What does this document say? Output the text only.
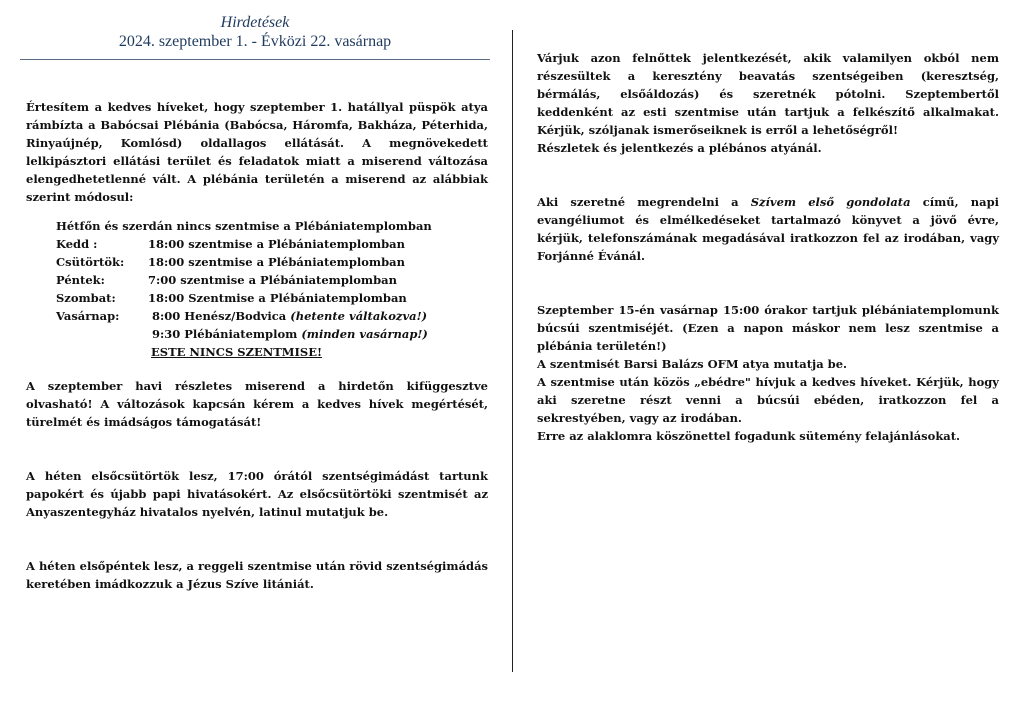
Hirdetések
2024. szeptember 1. - Évközi 22. vasárnap

Értesítem a kedves híveket, hogy szeptember 1. hatállyal püspök atya rámbízta a Babócsai Plébánia (Babócsa, Háromfa, Bakháza, Péterhida, Rinyaújnép, Komlósd) oldallagos ellátását. A megnövekedett lelkipásztori ellátási terület és feladatok miatt a miserend változása elengedhetetlenné vált. A plébánia területén a miserend az alábbiak szerint módosul:

Hétfőn és szerdán nincs szentmise a Plébániatemplomban
Kedd :	18:00 szentmise a Plébániatemplomban
Csütörtök:	18:00 szentmise a Plébániatemplomban
Péntek:	7:00 szentmise a Plébániatemplomban
Szombat:	18:00 Szentmise a Plébániatemplomban
Vasárnap:	8:00 Henész/Bodvica (hetente váltakozva!)
9:30 Plébániatemplom (minden vasárnap!)
ESTE NINCS SZENTMISE!

A szeptember havi részletes miserend a hirdetőn kifüggesztve olvasható! A változások kapcsán kérem a kedves hívek megértését, türelmét és imádságos támogatását!

A héten elsőcsütörtök lesz, 17:00 órától szentségimádást tartunk papokért és újabb papi hivatásokért. Az elsőcsütörtöki szentmisét az Anyaszentegyház hivatalos nyelvén, latinul mutatjuk be.

A héten elsőpéntek lesz, a reggeli szentmise után rövid szentségimádás keretében imádkozzuk a Jézus Szíve litániát.

Várjuk azon felnőttek jelentkezését, akik valamilyen okból nem részesültek a keresztény beavatás szentségeiben (keresztség, bérmálás, elsőáldozás) és szeretnék pótolni. Szeptembertől keddenként az esti szentmise után tartjuk a felkészítő alkalmakat. Kérjük, szóljanak ismerőseiknek is erről a lehetőségről!

Részletek és jelentkezés a plébános atyánál.

Aki szeretné megrendelni a Szívem első gondolata című, napi evangéliumot és elmélkedéseket tartalmazó könyvet a jövő évre, kérjük, telefonszámának megadásával iratkozzon fel az irodában, vagy Forjánné Évánál.

Szeptember 15-én vasárnap 15:00 órakor tartjuk plébániatemplomunk búcsúi szentmiséjét. (Ezen a napon máskor nem lesz szentmise a plébánia területén!)

A szentmisét Barsi Balázs OFM atya mutatja be.

A szentmise után közös „ebédre" hívjuk a kedves híveket. Kérjük, hogy aki szeretne részt venni a búcsúi ebéden, iratkozzon fel a sekrestyében, vagy az irodában.

Erre az alaklomra köszönettel fogadunk sütemény felajánlásokat.
